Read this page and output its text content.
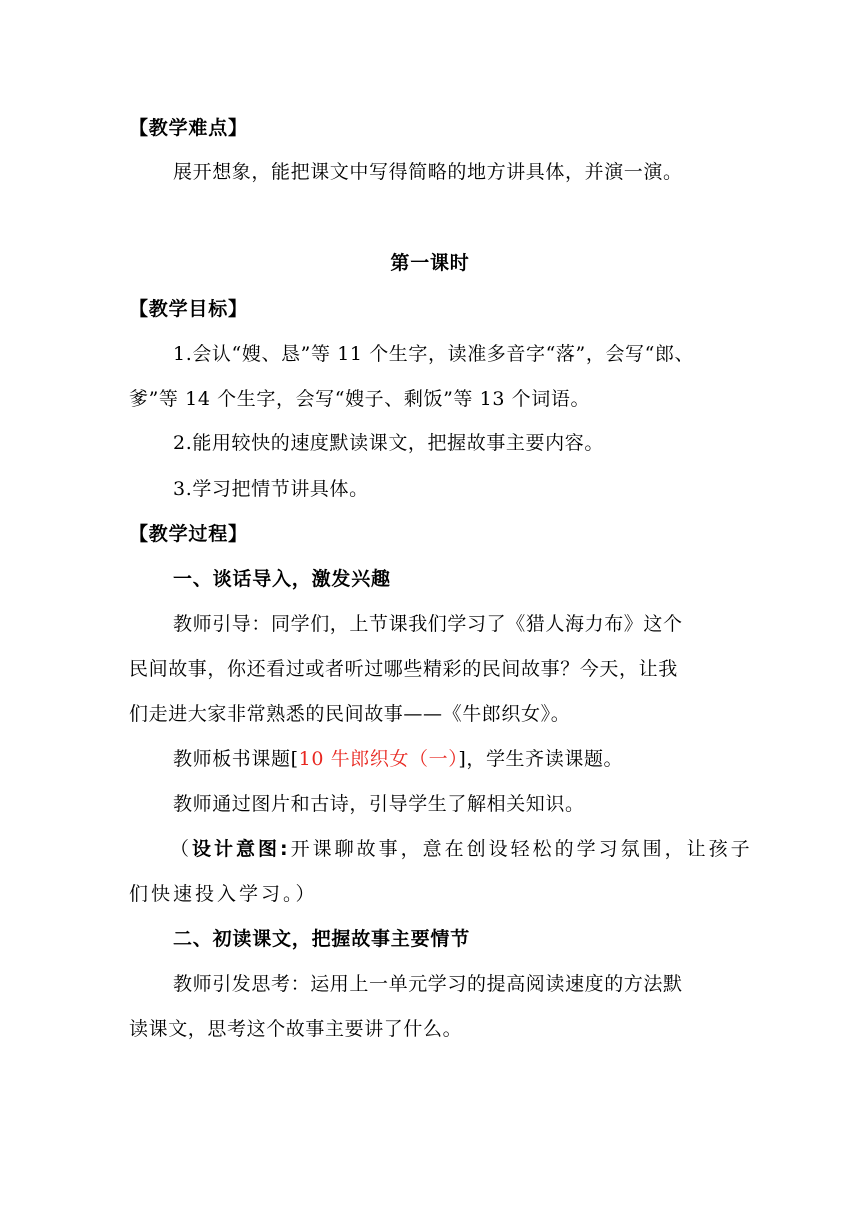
【教学难点】
展开想象，能把课文中写得简略的地方讲具体，并演一演。
第一课时
【教学目标】
1.会认“嫂、恳”等 11 个生字，读准多音字“落”，会写“郎、
爹”等 14 个生字，会写“嫂子、剩饭”等 13 个词语。
2.能用较快的速度默读课文，把握故事主要内容。
3.学习把情节讲具体。
【教学过程】
一、谈话导入，激发兴趣
教师引导：同学们，上节课我们学习了《猎人海力布》这个
民间故事，你还看过或者听过哪些精彩的民间故事？今天，让我
们走进大家非常熟悉的民间故事——《牛郎织女》。
教师板书课题[10 牛郎织女（一）]，学生齐读课题。
教师通过图片和古诗，引导学生了解相关知识。
（设计意图:开课聊故事，意在创设轻松的学习氛围，让孩子
们快速投入学习。）
二、初读课文，把握故事主要情节
教师引发思考：运用上一单元学习的提高阅读速度的方法默
读课文，思考这个故事主要讲了什么。
